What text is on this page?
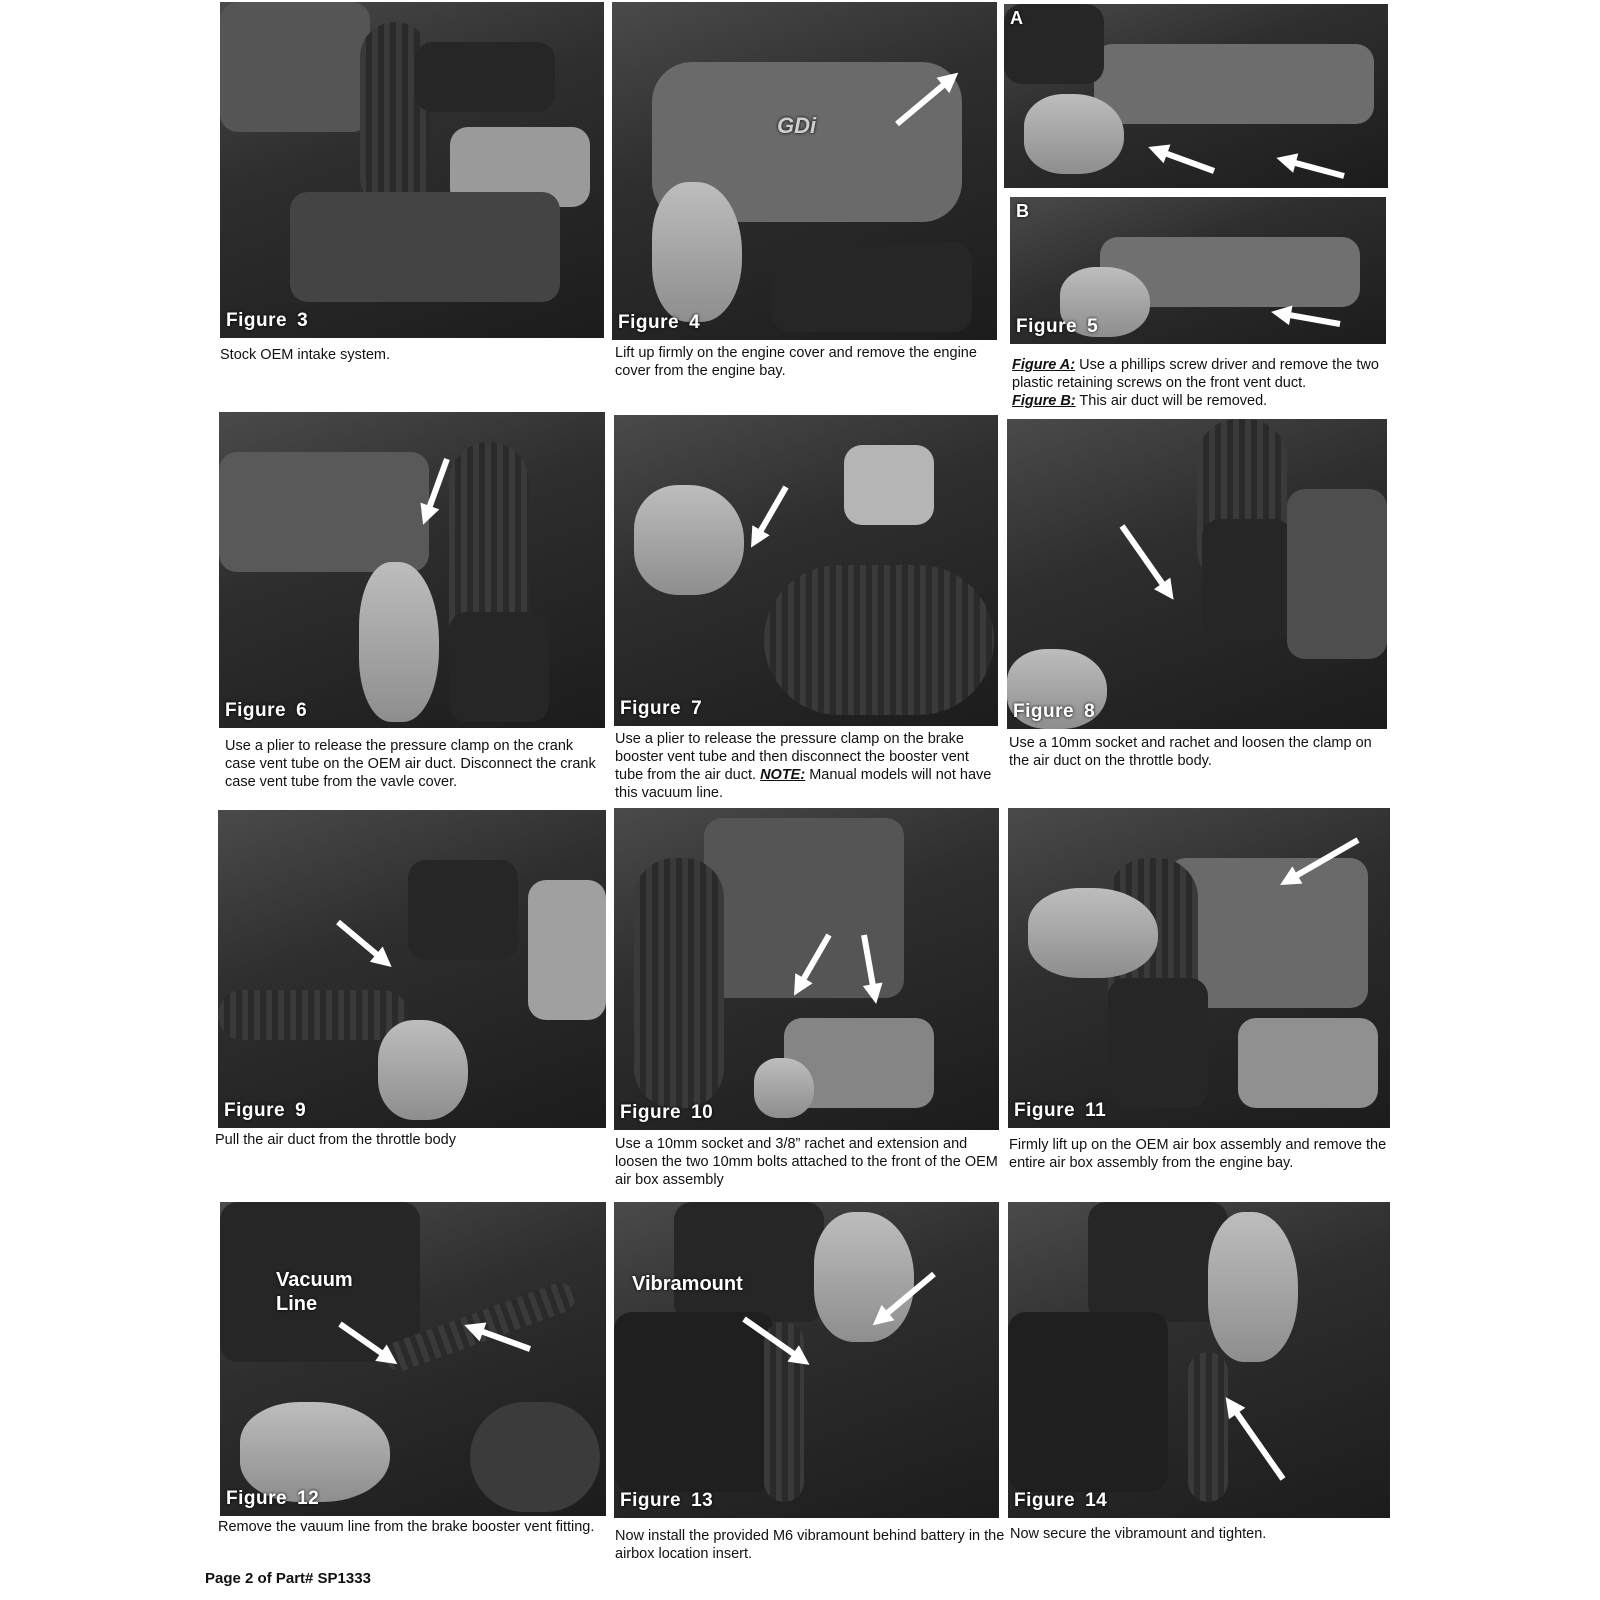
Figure 3
Stock OEM intake system.
GDi
Figure 4
Lift up firmly on the engine cover and remove the engine cover from the engine bay.
A
B
Figure 5
Figure A: Use a phillips screw driver and remove the two plastic retaining screws on the front vent duct.
Figure B: This air duct will be removed.
Figure 6
Use a plier to release the pressure clamp on the crank case vent tube on the OEM air duct. Disconnect the crank case vent tube from the vavle cover.
Figure 7
Use a plier to release the pressure clamp on the brake booster vent tube and then disconnect the booster vent tube from the air duct. NOTE: Manual models will not have this vacuum line.
Figure 8
Use a 10mm socket and rachet and loosen the clamp on the air duct on the throttle body.
Figure 9
Pull the air duct from the throttle body
Figure 10
Use a 10mm socket and 3/8” rachet and extension and loosen the two 10mm bolts attached to the front of the OEM air box assembly
Figure 11
Firmly lift up on the OEM air box assembly and remove the entire air box assembly from the engine bay.
Vacuum Line
Figure 12
Remove the vauum line from the brake booster vent fitting.
Vibramount
Figure 13
Now install the provided M6 vibramount behind battery in the airbox location insert.
Figure 14
Now secure the vibramount and tighten.
Page 2 of Part# SP1333
